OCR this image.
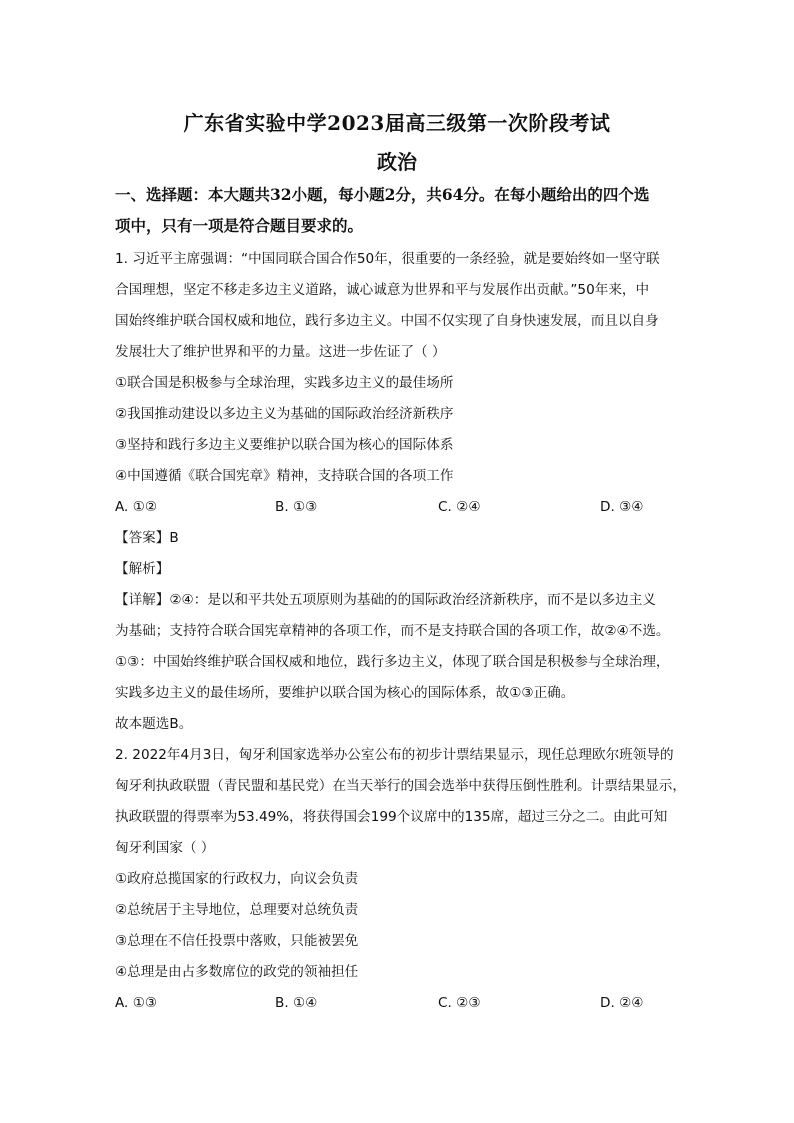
广东省实验中学2023届高三级第一次阶段考试
政治
一、选择题：本大题共32小题，每小题2分，共64分。在每小题给出的四个选
项中，只有一项是符合题目要求的。
1. 习近平主席强调：“中国同联合国合作50年，很重要的一条经验，就是要始终如一坚守联
合国理想，坚定不移走多边主义道路，诚心诚意为世界和平与发展作出贡献。”50年来，中
国始终维护联合国权威和地位，践行多边主义。中国不仅实现了自身快速发展，而且以自身
发展壮大了维护世界和平的力量。这进一步佐证了（ ）
①联合国是积极参与全球治理，实践多边主义的最佳场所
②我国推动建设以多边主义为基础的国际政治经济新秩序
③坚持和践行多边主义要维护以联合国为核心的国际体系
④中国遵循《联合国宪章》精神，支持联合国的各项工作
A. ①②	B. ①③	C. ②④	D. ③④
【答案】B
【解析】
【详解】②④：是以和平共处五项原则为基础的的国际政治经济新秩序，而不是以多边主义
为基础；支持符合联合国宪章精神的各项工作，而不是支持联合国的各项工作，故②④不选。
①③：中国始终维护联合国权威和地位，践行多边主义，体现了联合国是积极参与全球治理，
实践多边主义的最佳场所，要维护以联合国为核心的国际体系，故①③正确。
故本题选B。
2. 2022年4月3日，匈牙利国家选举办公室公布的初步计票结果显示，现任总理欧尔班领导的
匈牙利执政联盟（青民盟和基民党）在当天举行的国会选举中获得压倒性胜利。计票结果显示，
执政联盟的得票率为53.49%，将获得国会199个议席中的135席，超过三分之二。由此可知
匈牙利国家（ ）
①政府总揽国家的行政权力，向议会负责
②总统居于主导地位，总理要对总统负责
③总理在不信任投票中落败，只能被罢免
④总理是由占多数席位的政党的领袖担任
A. ①③	B. ①④	C. ②③	D. ②④
